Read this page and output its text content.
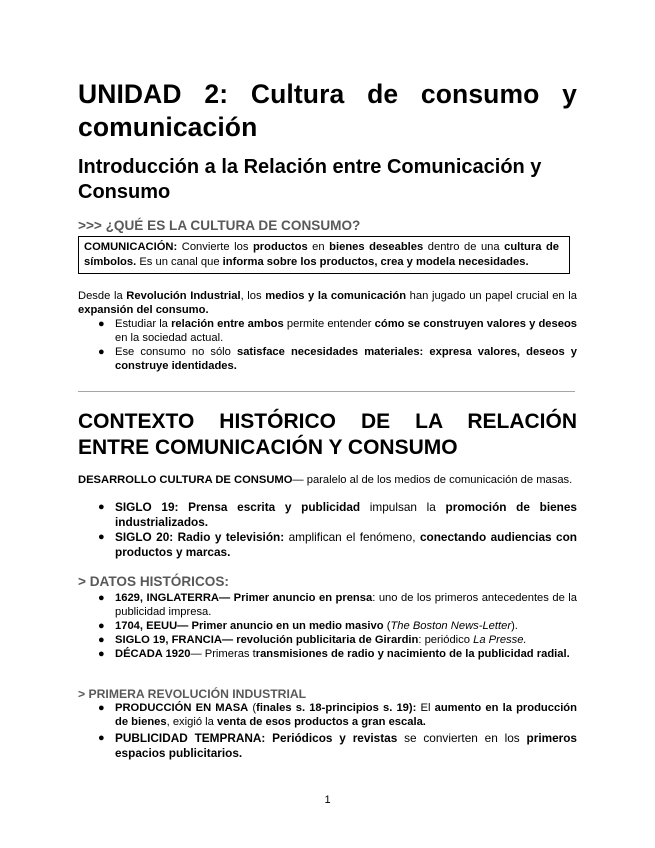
UNIDAD 2: Cultura de consumo y comunicación
Introducción a la Relación entre Comunicación y Consumo

>>> ¿QUÉ ES LA CULTURA DE CONSUMO?

COMUNICACIÓN: Convierte los productos en bienes deseables dentro de una cultura de símbolos. Es un canal que informa sobre los productos, crea y modela necesidades.

Desde la Revolución Industrial, los medios y la comunicación han jugado un papel crucial en la expansión del consumo.

● Estudiar la relación entre ambos permite entender cómo se construyen valores y deseos en la sociedad actual.
● Ese consumo no sólo satisface necesidades materiales: expresa valores, deseos y construye identidades.
CONTEXTO HISTÓRICO DE LA RELACIÓN ENTRE COMUNICACIÓN Y CONSUMO

DESARROLLO CULTURA DE CONSUMO— paralelo al de los medios de comunicación de masas.

● SIGLO 19: Prensa escrita y publicidad impulsan la promoción de bienes industrializados.
● SIGLO 20: Radio y televisión: amplifican el fenómeno, conectando audiencias con productos y marcas.

> DATOS HISTÓRICOS:

● 1629, INGLATERRA— Primer anuncio en prensa: uno de los primeros antecedentes de la publicidad impresa.
● 1704, EEUU— Primer anuncio en un medio masivo (The Boston News-Letter).
● SIGLO 19, FRANCIA— revolución publicitaria de Girardin: periódico La Presse.
● DÉCADA 1920— Primeras transmisiones de radio y nacimiento de la publicidad radial.

> PRIMERA REVOLUCIÓN INDUSTRIAL

● PRODUCCIÓN EN MASA (finales s. 18-principios s. 19): El aumento en la producción de bienes, exigió la venta de esos productos a gran escala.
● PUBLICIDAD TEMPRANA: Periódicos y revistas se convierten en los primeros espacios publicitarios.
1
